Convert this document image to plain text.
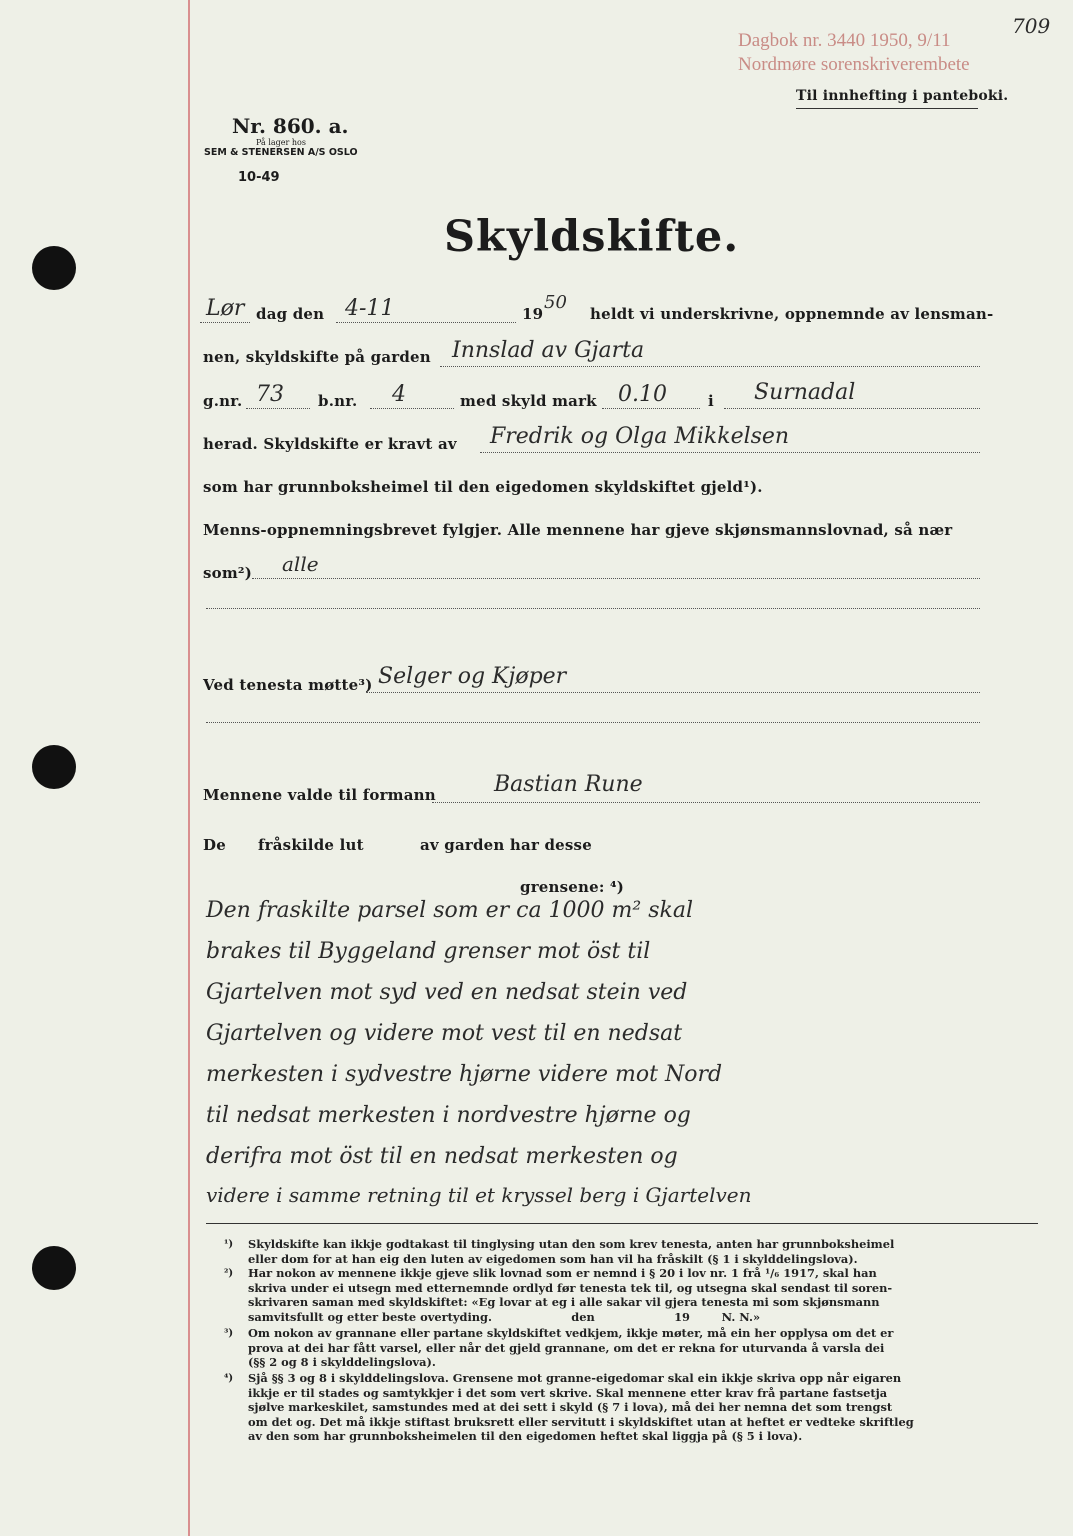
Dagbok nr. 3440 1950, 9/11
Nordmøre sorenskriverembete
709
Nr. 860. a.
På lager hos
SEM & STENERSEN A/S OSLO
10-49
Til innhefting i panteboki.
Skyldskifte.
Lør dag den 4-11	19
50
heldt vi underskrivne, oppnemnde av lensman-
nen, skyldskifte på garden Innslad av Gjarta
g.nr. 73 b.nr. 4	med skyld mark 0.10	i Surnadal
herad. Skyldskifte er kravt av Fredrik og Olga Mikkelsen
som har grunnboksheimel til den eigedomen skyldskiftet gjeld¹).
Menns-oppnemningsbrevet fylgjer. Alle mennene har gjeve skjønsmannslovnad, så nær
som²) alle
Ved tenesta møtte³) Selger og Kjøper
Mennene valde til formann	Bastian Rune
De fråskilde lut	av garden har desse
grensene: ⁴)
Den fraskilte parsel som er ca 1000 m² skal
brakes til Byggeland grenser mot öst til
Gjartelven mot syd ved en nedsat stein ved
Gjartelven og videre mot vest til en nedsat
merkesten i sydvestre hjørne videre mot Nord
til nedsat merkesten i nordvestre hjørne og
derifra mot öst til en nedsat merkesten og
videre i samme retning til et kryssel berg i Gjartelven
¹) Skyldskifte kan ikkje godtakast til tinglysing utan den som krev tenesta, anten har grunnboksheimel
eller dom for at han eig den luten av eigedomen som han vil ha fråskilt (§ 1 i skylddelingslova).
²) Har nokon av mennene ikkje gjeve slik lovnad som er nemnd i § 20 i lov nr. 1 frå ¹/₆ 1917, skal han
skriva under ei utsegn med etternemnde ordlyd før tenesta tek til, og utsegna skal sendast til soren-
skrivaren saman med skyldskiftet: «Eg lovar at eg i alle sakar vil gjera tenesta mi som skjønsmann
samvitsfullt og etter beste overtyding.                    den                    19        N. N.»
³) Om nokon av grannane eller partane skyldskiftet vedkjem, ikkje møter, må ein her opplysa om det er
prova at dei har fått varsel, eller når det gjeld grannane, om det er rekna for uturvanda å varsla dei
(§§ 2 og 8 i skylddelingslova).
⁴) Sjå §§ 3 og 8 i skylddelingslova. Grensene mot granne-eigedomar skal ein ikkje skriva opp når eigaren
ikkje er til stades og samtykkjer i det som vert skrive. Skal mennene etter krav frå partane fastsetja
sjølve markeskilet, samstundes med at dei sett i skyld (§ 7 i lova), må dei her nemna det som trengst
om det og. Det må ikkje stiftast bruksrett eller servitutt i skyldskiftet utan at heftet er vedteke skriftleg
av den som har grunnboksheimelen til den eigedomen heftet skal liggja på (§ 5 i lova).
